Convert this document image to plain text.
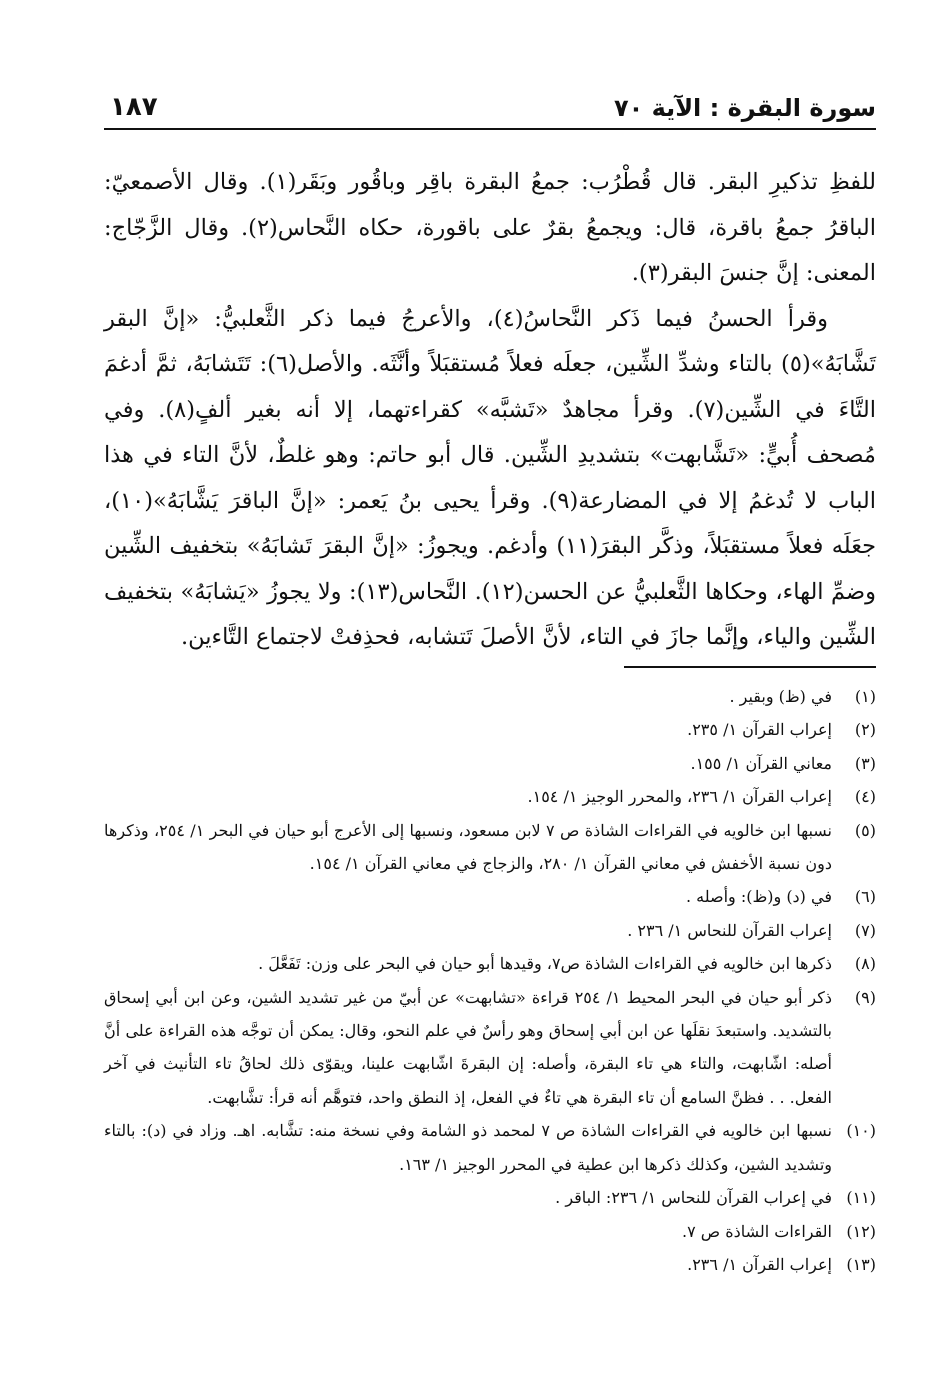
سورة البقرة : الآية ٧٠
١٨٧

للفظِ تذكيرِ البقر. قال قُطْرُب: جمعُ البقرة باقِر وباقُور وبَقَر(١). وقال الأصمعيّ: الباقرُ جمعُ باقرة، قال: ويجمعُ بقرٌ على باقورة، حكاه النَّحاس(٢). وقال الزَّجّاج: المعنى: إنَّ جنسَ البقر(٣).

وقرأ الحسنُ فيما ذَكر النَّحاسُ(٤)، والأعرجُ فيما ذكر الثَّعلبيُّ: «إنَّ البقر تَشَّابَهُ»(٥) بالتاء وشدِّ الشِّين، جعلَه فعلاً مُستقبَلاً وأنَّثَه. والأصل(٦): تَتَشابَهُ، ثمَّ أدغمَ التَّاءَ في الشِّين(٧). وقرأ مجاهدٌ «تَشبَّه» كقراءتهما، إلا أنه بغير ألفٍ(٨). وفي مُصحف أُبيٍّ: «تَشَّابهت» بتشديدِ الشِّين. قال أبو حاتم: وهو غلطٌ، لأنَّ التاء في هذا الباب لا تُدغمُ إلا في المضارعة(٩). وقرأ يحيى بنُ يَعمر: «إنَّ الباقرَ يَشَّابَهُ»(١٠)، جعَلَه فعلاً مستقبَلاً، وذكَّر البقرَ(١١) وأدغم. ويجوزُ: «إنَّ البقرَ تَشابَهُ» بتخفيف الشِّين وضمِّ الهاء، وحكاها الثَّعلبيُّ عن الحسن(١٢). النَّحاس(١٣): ولا يجوزُ «يَشابَهُ» بتخفيف الشِّين والياء، وإنَّما جازَ في التاء، لأنَّ الأصلَ تَتشابه، فحذِفتْ لاجتماع التَّاءين.

(١)
في (ظ) وبقير .
(٢)
إعراب القرآن ١/ ٢٣٥.
(٣)
معاني القرآن ١/ ١٥٥.
(٤)
إعراب القرآن ١/ ٢٣٦، والمحرر الوجيز ١/ ١٥٤.
(٥)
نسبها ابن خالويه في القراءات الشاذة ص ٧ لابن مسعود، ونسبها إلى الأعرج أبو حيان في البحر ١/ ٢٥٤، وذكرها دون نسبة الأخفش في معاني القرآن ١/ ٢٨٠، والزجاج في معاني القرآن ١/ ١٥٤.
(٦)
في (د) و(ظ): وأصله .
(٧)
إعراب القرآن للنحاس ١/ ٢٣٦ .
(٨)
ذكرها ابن خالويه في القراءات الشاذة ص٧، وقيدها أبو حيان في البحر على وزن: تَفَعَّلَ .
(٩)
ذكر أبو حيان في البحر المحيط ١/ ٢٥٤ قراءة «تشابهت» عن أبيّ من غير تشديد الشين، وعن ابن أبي إسحاق بالتشديد. واستبعدَ نقلَها عن ابن أبي إسحاق وهو رأسٌ في علم النحو، وقال: يمكن أن توجَّه هذه القراءة على أنَّ أصله: اشّابهت، والتاء هي تاء البقرة، وأصله: إن البقرةَ اشّابهت علينا، ويقوّى ذلك لحاقُ تاء التأنيث في آخر الفعل. . . فظنَّ السامع أن تاء البقرة هي تاءٌ في الفعل، إذ النطق واحد، فتوهَّم أنه قرأ: تشَّابهت.
(١٠)
نسبها ابن خالويه في القراءات الشاذة ص ٧ لمحمد ذو الشامة وفي نسخة منه: تشَّابه. اهـ. وزاد في (د): بالتاء وتشديد الشين، وكذلك ذكرها ابن عطية في المحرر الوجيز ١/ ١٦٣.
(١١)
في إعراب القرآن للنحاس ١/ ٢٣٦: الباقر .
(١٢)
القراءات الشاذة ص ٧.
(١٣)
إعراب القرآن ١/ ٢٣٦.
